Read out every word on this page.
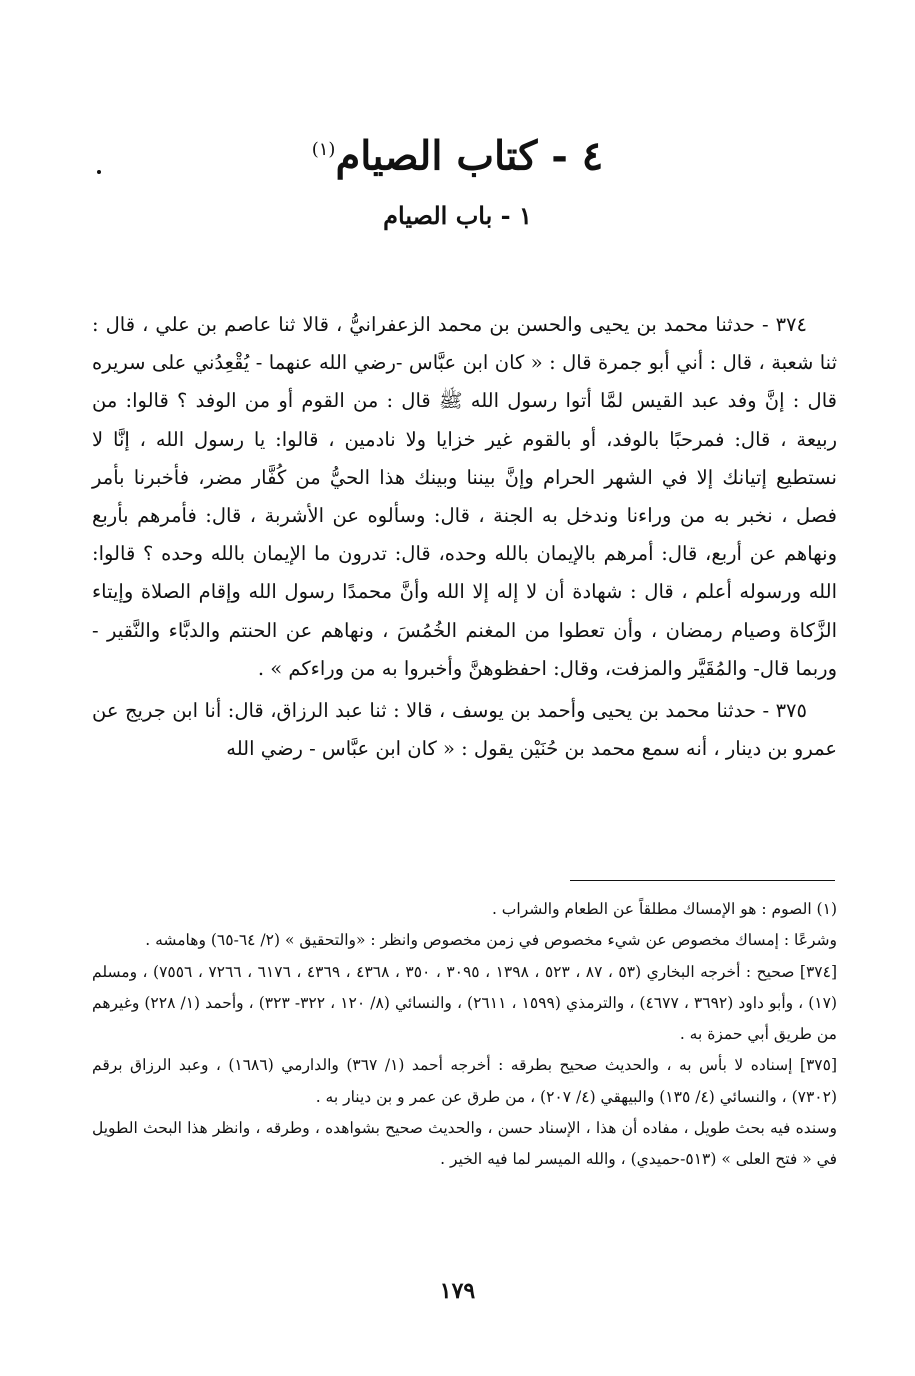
٤ - كتاب الصيام$^{(١)}$
١ - باب الصيام

٣٧٤ - حدثنا محمد بن يحيى والحسن بن محمد الزعفرانيُّ ، قالا ثنا عاصم بن علي ، قال : ثنا شعبة ، قال : أني أبو جمرة قال : « كان ابن عبَّاس -رضي الله عنهما - يُقْعِدُني على سريره قال : إنَّ وفد عبد القيس لمَّا أتوا رسول الله ﷺ قال : من القوم أو من الوفد ؟ قالوا: من ربيعة ، قال: فمرحبًا بالوفد، أو بالقوم غير خزايا ولا نادمين ، قالوا: يا رسول الله ، إنَّا لا نستطيع إتيانك إلا في الشهر الحرام وإنَّ بيننا وبينك هذا الحيُّ من كُفَّار مضر، فأخبرنا بأمر فصل ، نخبر به من وراءنا وندخل به الجنة ، قال: وسألوه عن الأشربة ، قال: فأمرهم بأربع ونهاهم عن أربع، قال: أمرهم بالإيمان بالله وحده، قال: تدرون ما الإيمان بالله وحده ؟ قالوا: الله ورسوله أعلم ، قال : شهادة أن لا إله إلا الله وأنَّ محمدًا رسول الله وإقام الصلاة وإيتاء الزَّكاة وصيام رمضان ، وأن تعطوا من المغنم الخُمُسَ ، ونهاهم عن الحنتم والدبَّاء والنَّقير - وربما قال- والمُقَيَّر والمزفت، وقال: احفظوهنَّ وأخبروا به من وراءكم » .

٣٧٥ - حدثنا محمد بن يحيى وأحمد بن يوسف ، قالا : ثنا عبد الرزاق، قال: أنا ابن جريج عن عمرو بن دينار ، أنه سمع محمد بن حُنَيْن يقول : « كان ابن عبَّاس - رضي الله

(١) الصوم : هو الإمساك مطلقاً عن الطعام والشراب .

وشرعًا : إمساك مخصوص عن شيء مخصوص في زمن مخصوص وانظر : «والتحقيق » (٢/ ٦٤-٦٥) وهامشه .

[٣٧٤] صحيح : أخرجه البخاري (٥٣ ، ٨٧ ، ٥٢٣ ، ١٣٩٨ ، ٣٠٩٥ ، ٣٥٠ ، ٤٣٦٨ ، ٤٣٦٩ ، ٦١٧٦ ، ٧٢٦٦ ، ٧٥٥٦) ، ومسلم (١٧) ، وأبو داود (٣٦٩٢ ، ٤٦٧٧) ، والترمذي (١٥٩٩ ، ٢٦١١) ، والنسائي (٨/ ١٢٠ ، ٣٢٢- ٣٢٣) ، وأحمد (١/ ٢٢٨) وغيرهم من طريق أبي حمزة به .

[٣٧٥] إسناده لا بأس به ، والحديث صحيح بطرقه : أخرجه أحمد (١/ ٣٦٧) والدارمي (١٦٨٦) ، وعبد الرزاق برقم (٧٣٠٢) ، والنسائي (٤/ ١٣٥) والبيهقي (٤/ ٢٠٧) ، من طرق عن عمر و بن دينار به .

وسنده فيه بحث طويل ، مفاده أن هذا ، الإسناد حسن ، والحديث صحيح بشواهده ، وطرقه ، وانظر هذا البحث الطويل في « فتح العلى » (٥١٣-حميدي) ، والله الميسر لما فيه الخير .

١٧٩
